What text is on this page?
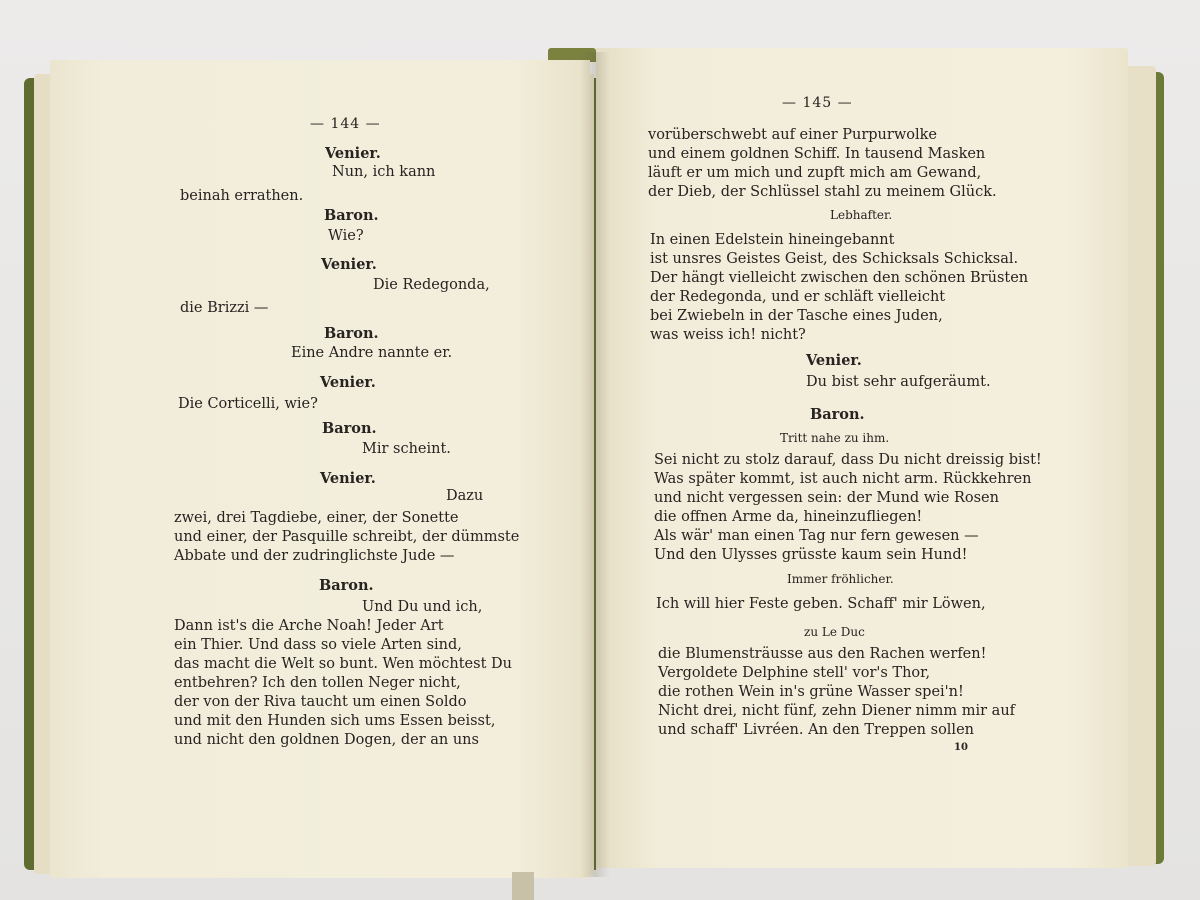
— 144 —
Venier.
Nun, ich kann
beinah errathen.
Baron.
Wie?
Venier.
Die Redegonda,
die Brizzi —
Baron.
Eine Andre nannte er.
Venier.
Die Corticelli, wie?
Baron.
Mir scheint.
Venier.
Dazu
zwei, drei Tagdiebe, einer, der Sonette
und einer, der Pasquille schreibt, der dümmste
Abbate und der zudringlichste Jude —
Baron.
Und Du und ich,
Dann ist's die Arche Noah! Jeder Art
ein Thier. Und dass so viele Arten sind,
das macht die Welt so bunt. Wen möchtest Du
entbehren? Ich den tollen Neger nicht,
der von der Riva taucht um einen Soldo
und mit den Hunden sich ums Essen beisst,
und nicht den goldnen Dogen, der an uns
— 145 —
vorüberschwebt auf einer Purpurwolke
und einem goldnen Schiff. In tausend Masken
läuft er um mich und zupft mich am Gewand,
der Dieb, der Schlüssel stahl zu meinem Glück.
Lebhafter.
In einen Edelstein hineingebannt
ist unsres Geistes Geist, des Schicksals Schicksal.
Der hängt vielleicht zwischen den schönen Brüsten
der Redegonda, und er schläft vielleicht
bei Zwiebeln in der Tasche eines Juden,
was weiss ich! nicht?
Venier.
Du bist sehr aufgeräumt.
Baron.
Tritt nahe zu ihm.
Sei nicht zu stolz darauf, dass Du nicht dreissig bist!
Was später kommt, ist auch nicht arm. Rückkehren
und nicht vergessen sein: der Mund wie Rosen
die offnen Arme da, hineinzufliegen!
Als wär' man einen Tag nur fern gewesen —
Und den Ulysses grüsste kaum sein Hund!
Immer fröhlicher.
Ich will hier Feste geben. Schaff' mir Löwen,
zu Le Duc
die Blumensträusse aus den Rachen werfen!
Vergoldete Delphine stell' vor's Thor,
die rothen Wein in's grüne Wasser spei'n!
Nicht drei, nicht fünf, zehn Diener nimm mir auf
und schaff' Livréen. An den Treppen sollen
10
